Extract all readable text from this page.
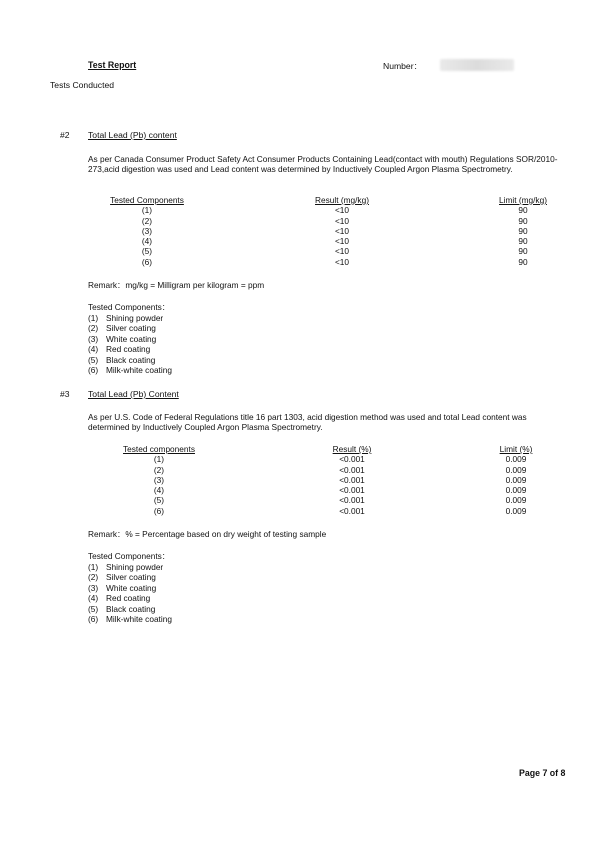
Test Report	Number：
Tests Conducted
#2 Total Lead (Pb) content
As per Canada Consumer Product Safety Act Consumer Products Containing Lead(contact with mouth) Regulations SOR/2010-273,acid digestion was used and Lead content was determined by Inductively Coupled Argon Plasma Spectrometry.
Tested Components	Result (mg/kg)	Limit (mg/kg)
(1)	<10	90
(2)	<10	90
(3)	<10	90
(4)	<10	90
(5)	<10	90
(6)	<10	90
Remark：mg/kg = Milligram per kilogram = ppm
Tested Components：
(1) Shining powder
(2) Silver coating
(3) White coating
(4) Red coating
(5) Black coating
(6) Milk-white coating
#3 Total Lead (Pb) Content
As per U.S. Code of Federal Regulations title 16 part 1303, acid digestion method was used and total Lead content was determined by Inductively Coupled Argon Plasma Spectrometry.
Tested components	Result (%)	Limit (%)
(1)	<0.001	0.009
(2)	<0.001	0.009
(3)	<0.001	0.009
(4)	<0.001	0.009
(5)	<0.001	0.009
(6)	<0.001	0.009
Remark：% = Percentage based on dry weight of testing sample
Tested Components：
(1) Shining powder
(2) Silver coating
(3) White coating
(4) Red coating
(5) Black coating
(6) Milk-white coating
Page 7 of 8
